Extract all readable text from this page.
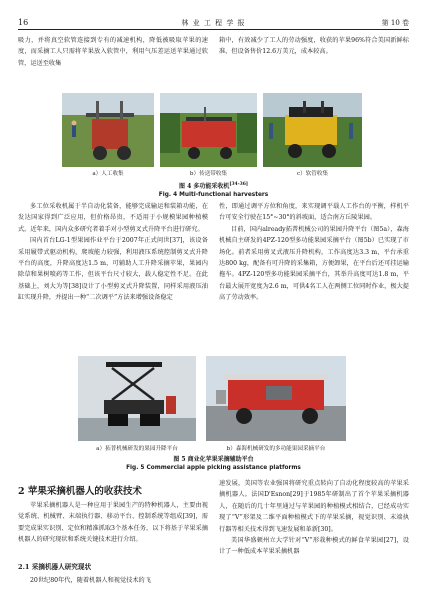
16	林 业 工 程 学 报	第 10 卷

吸力，并将真空软管连接到专有的减速机构，降低被吸取苹果的速度，而采摘工人只需将苹果放入软管中，利用气压差运送苹果通过软管，运送至收集

箱中，有效减少了工人的劳动强度，收获的苹果96%符合美国新鲜标准，但设备售价12.6万美元，成本较高。

a）人工收集	b）传送带收集	c）软管收集
图 4 多功能采收机[34-36]
Fig. 4 Multi-functional harvesters

多工位采收机属于半自动化装备，能够完成输运和装箱功能，在发达国家得到广泛应用，但价格昂贵，不适用于小规模果园种植模式。近年来，国内众多研究者着手对小型剪叉式升降平台进行研究。

国内首台LG-1型果园作业平台于2007年正式问世[37]，该设备采用履带式驱动机构，爬坡能力较强，利用液压系统控制剪叉式升降平台的高度，升降高度达1.5 m，可辅助人工升降采摘苹果，果园内除草和果树喷药等工作，但该平台尺寸较大，载人稳定性不足。在此基础上，刘大为等[38]设计了小型剪叉式升降装置，同样采用液压油缸实现升降，并提出一种“二次调平”方法来增强设备稳定

性，即通过调平方位和角度，来实现调平载人工作台的平衡，样机平台可安全行驶在15°~30°的斜坡面，适合南方丘陵果园。

目前，国内already拓普机械公司的果园升降平台（图5a），森海机械自主研发的4PZ-120型多功能果园采摘平台（图5b）已实现了市场化。前者采用剪叉式液压升降机构，工作高度达3.3 m，平台承重达800 kg，配备有可升降的采集箱，方便卸果，在平台后还可挂运输拖车。4PZ-120型多功能果园采摘平台，其举升高度可达1.8 m，平台最大展开宽度为2.6 m，可供4名工人在两侧工位同时作业，极大提高了劳动效率。

a）拓普机械研发的果园升降平台	b）森海机械研发的多功能果园采摘平台
图 5 商业化苹果采摘辅助平台
Fig. 5 Commercial apple picking assistance platforms
2 苹果采摘机器人的收获技术

苹果采摘机器人是一种应用于果园生产的特种机器人，主要由视觉系统、机械臂、末端执行器、移动平台、控制系统等组成[39]，需要完成果实识别、定位和精准抓取3个基本任务，以下将基于苹果采摘机器人的研究现状和系统关键技术进行介绍。

2.1 采摘机器人研究现状

20世纪80年代，随着机器人和视觉技术的飞

速发展，美国等农业强国将研究重点转向了自动化程度较高的苹果采摘机器人。法国D'Esnon[29]于1985年研制出了首个苹果采摘机器人，在随后的几十年里通过与苹果园的种植模式相结合，已经成功实现了“V”形架及二维平面种植模式下的苹果采摘，视觉识别、末端执行器等相关技术得到飞速发展和革新[30]。

美国华盛顿州立大学针对“V”形栽种模式的鲜食苹果园[27]，设计了一种低成本苹果采摘机器
